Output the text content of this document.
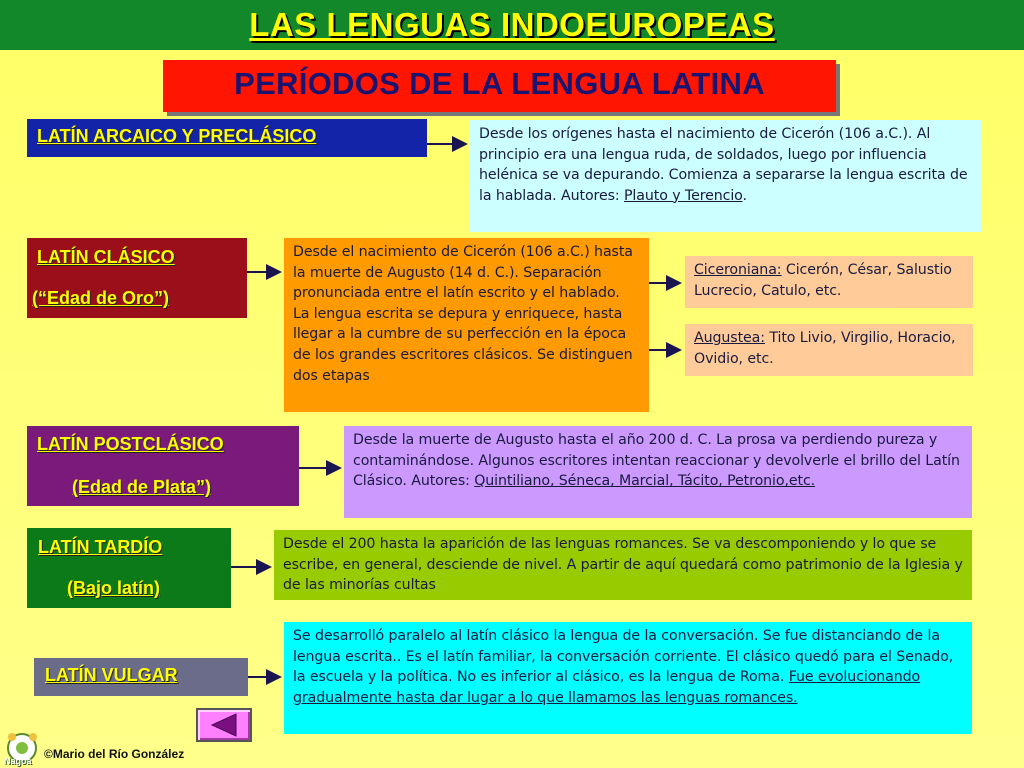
LAS LENGUAS INDOEUROPEAS
PERÍODOS DE LA LENGUA LATINA
LATÍN ARCAICO Y PRECLÁSICO	Desde los orígenes hasta el nacimiento de Cicerón (106 a.C.). Al principio era una lengua ruda, de soldados, luego por influencia helénica se va depurando. Comienza a separarse la lengua escrita de la hablada. Autores: Plauto y Terencio.
LATÍN CLÁSICO
(“Edad de Oro”)
Desde el nacimiento de Cicerón (106 a.C.) hasta la muerte de Augusto (14 d. C.). Separación pronunciada entre el latín escrito y el hablado. La lengua escrita se depura y enriquece, hasta llegar a la cumbre de su perfección en la época de los grandes escritores clásicos. Se distinguen dos etapas
Ciceroniana: Cicerón, César, Salustio Lucrecio, Catulo, etc.
Augustea: Tito Livio, Virgilio, Horacio, Ovidio, etc.
LATÍN POSTCLÁSICO
(Edad de Plata”)
Desde la muerte de Augusto hasta el año 200 d. C. La prosa va perdiendo pureza y contaminándose. Algunos escritores intentan reaccionar y devolverle el brillo del Latín Clásico. Autores: Quintiliano, Séneca, Marcial, Tácito, Petronio,etc.
LATÍN TARDÍO
(Bajo latín)
Desde el 200 hasta la aparición de las lenguas romances. Se va descomponiendo y lo que se escribe, en general, desciende de nivel. A partir de aquí quedará como patrimonio de la Iglesia y de las minorías cultas
LATÍN VULGAR
Se desarrolló paralelo al latín clásico la lengua de la conversación. Se fue distanciando de la lengua escrita.. Es el latín familiar, la conversación corriente. El clásico quedó para el Senado, la escuela y la política. No es inferior al clásico, es la lengua de Roma. Fue evolucionando gradualmente hasta dar lugar a lo que llamamos las lenguas romances.
Nagoa ©Mario del Río González
